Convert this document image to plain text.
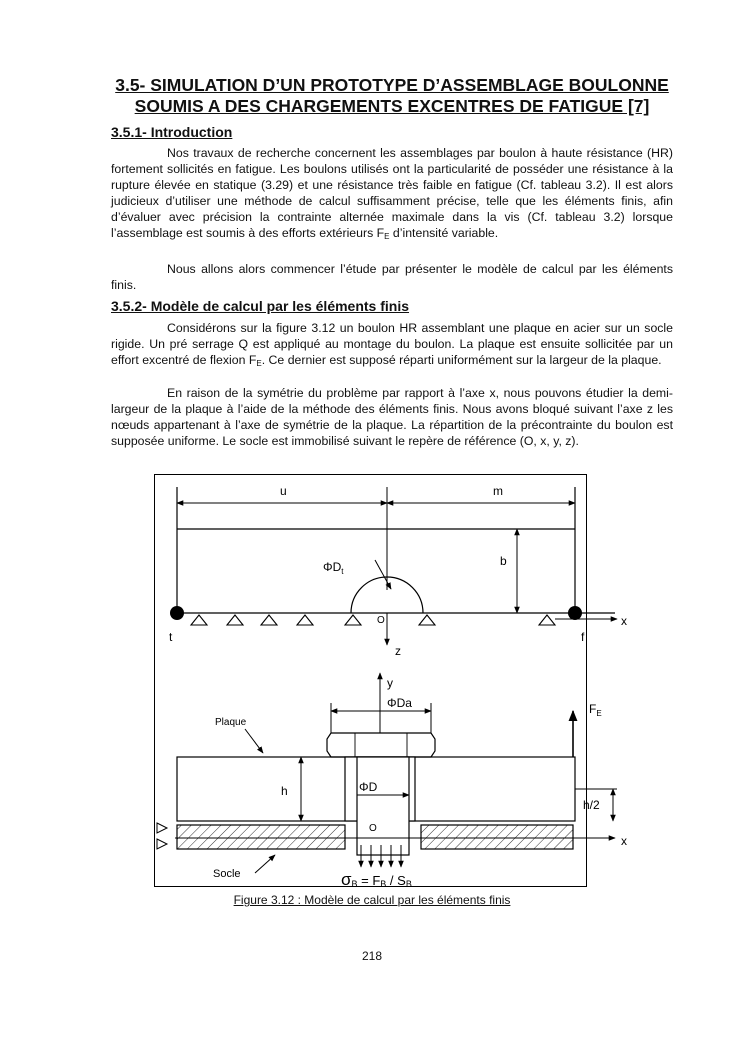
3.5- SIMULATION D’UN PROTOTYPE D’ASSEMBLAGE BOULONNE
SOUMIS A DES CHARGEMENTS EXCENTRES DE FATIGUE [7]
3.5.1- Introduction

Nos travaux de recherche concernent les assemblages par boulon à haute résistance (HR) fortement sollicités en fatigue. Les boulons utilisés ont la particularité de posséder une résistance à la rupture élevée en statique (3.29) et une résistance très faible en fatigue (Cf. tableau 3.2). Il est alors judicieux d’utiliser une méthode de calcul suffisamment précise, telle que les éléments finis, afin d’évaluer avec précision la contrainte alternée maximale dans la vis (Cf. tableau 3.2) lorsque l’assemblage est soumis à des efforts extérieurs $F_E$ d’intensité variable.

Nous allons alors commencer l’étude par présenter le modèle de calcul par les éléments finis.

3.5.2- Modèle de calcul par les éléments finis

Considérons sur la figure 3.12 un boulon HR assemblant une plaque en acier sur un socle rigide. Un pré serrage Q est appliqué au montage du boulon. La plaque est ensuite sollicitée par un effort excentré de flexion $F_E$. Ce dernier est supposé réparti uniformément sur la largeur de la plaque.

En raison de la symétrie du problème par rapport à l’axe x, nous pouvons étudier la demi-largeur de la plaque à l’aide de la méthode des éléments finis. Nous avons bloqué suivant l’axe z les nœuds appartenant à l’axe de symétrie de la plaque. La répartition de la précontrainte du boulon est supposée uniforme. Le socle est immobilisé suivant le repère de référence (O, x, y, z).

u	m
b
x
$\Phi D_t$
O
z
t	f
y
ΦDa
ΦD
x
O
h
$F_E$
h/2
Plaque
Socle	σB = FB / SB
Figure 3.12 : Modèle de calcul par les éléments finis
218
